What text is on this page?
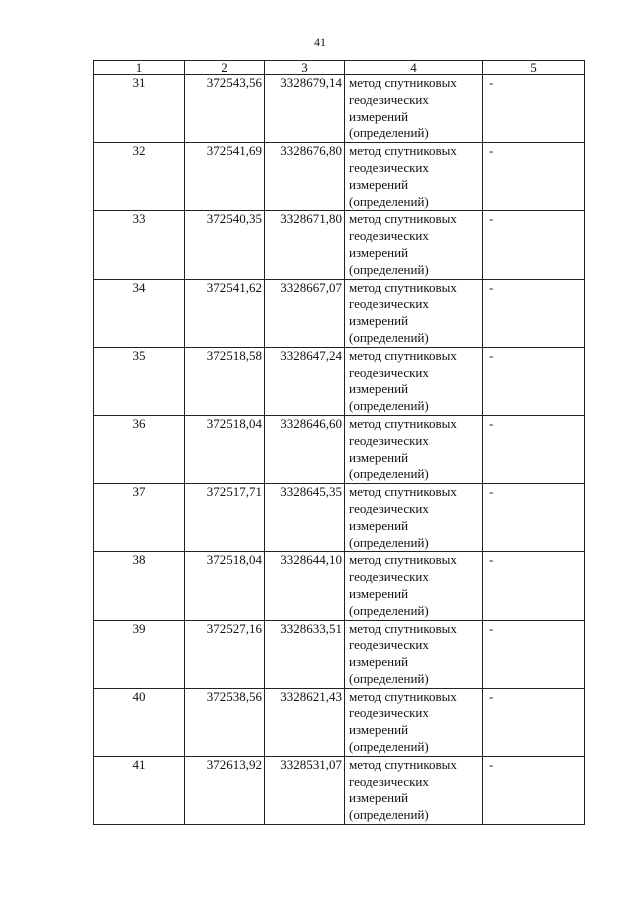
41
1	2	3	4	5
31	372543,56	3328679,14	метод спутниковых геодезических измерений (определений)	-
32	372541,69	3328676,80	метод спутниковых геодезических измерений (определений)	-
33	372540,35	3328671,80	метод спутниковых геодезических измерений (определений)	-
34	372541,62	3328667,07	метод спутниковых геодезических измерений (определений)	-
35	372518,58	3328647,24	метод спутниковых геодезических измерений (определений)	-
36	372518,04	3328646,60	метод спутниковых геодезических измерений (определений)	-
37	372517,71	3328645,35	метод спутниковых геодезических измерений (определений)	-
38	372518,04	3328644,10	метод спутниковых геодезических измерений (определений)	-
39	372527,16	3328633,51	метод спутниковых геодезических измерений (определений)	-
40	372538,56	3328621,43	метод спутниковых геодезических измерений (определений)	-
41	372613,92	3328531,07	метод спутниковых геодезических измерений (определений)	-
